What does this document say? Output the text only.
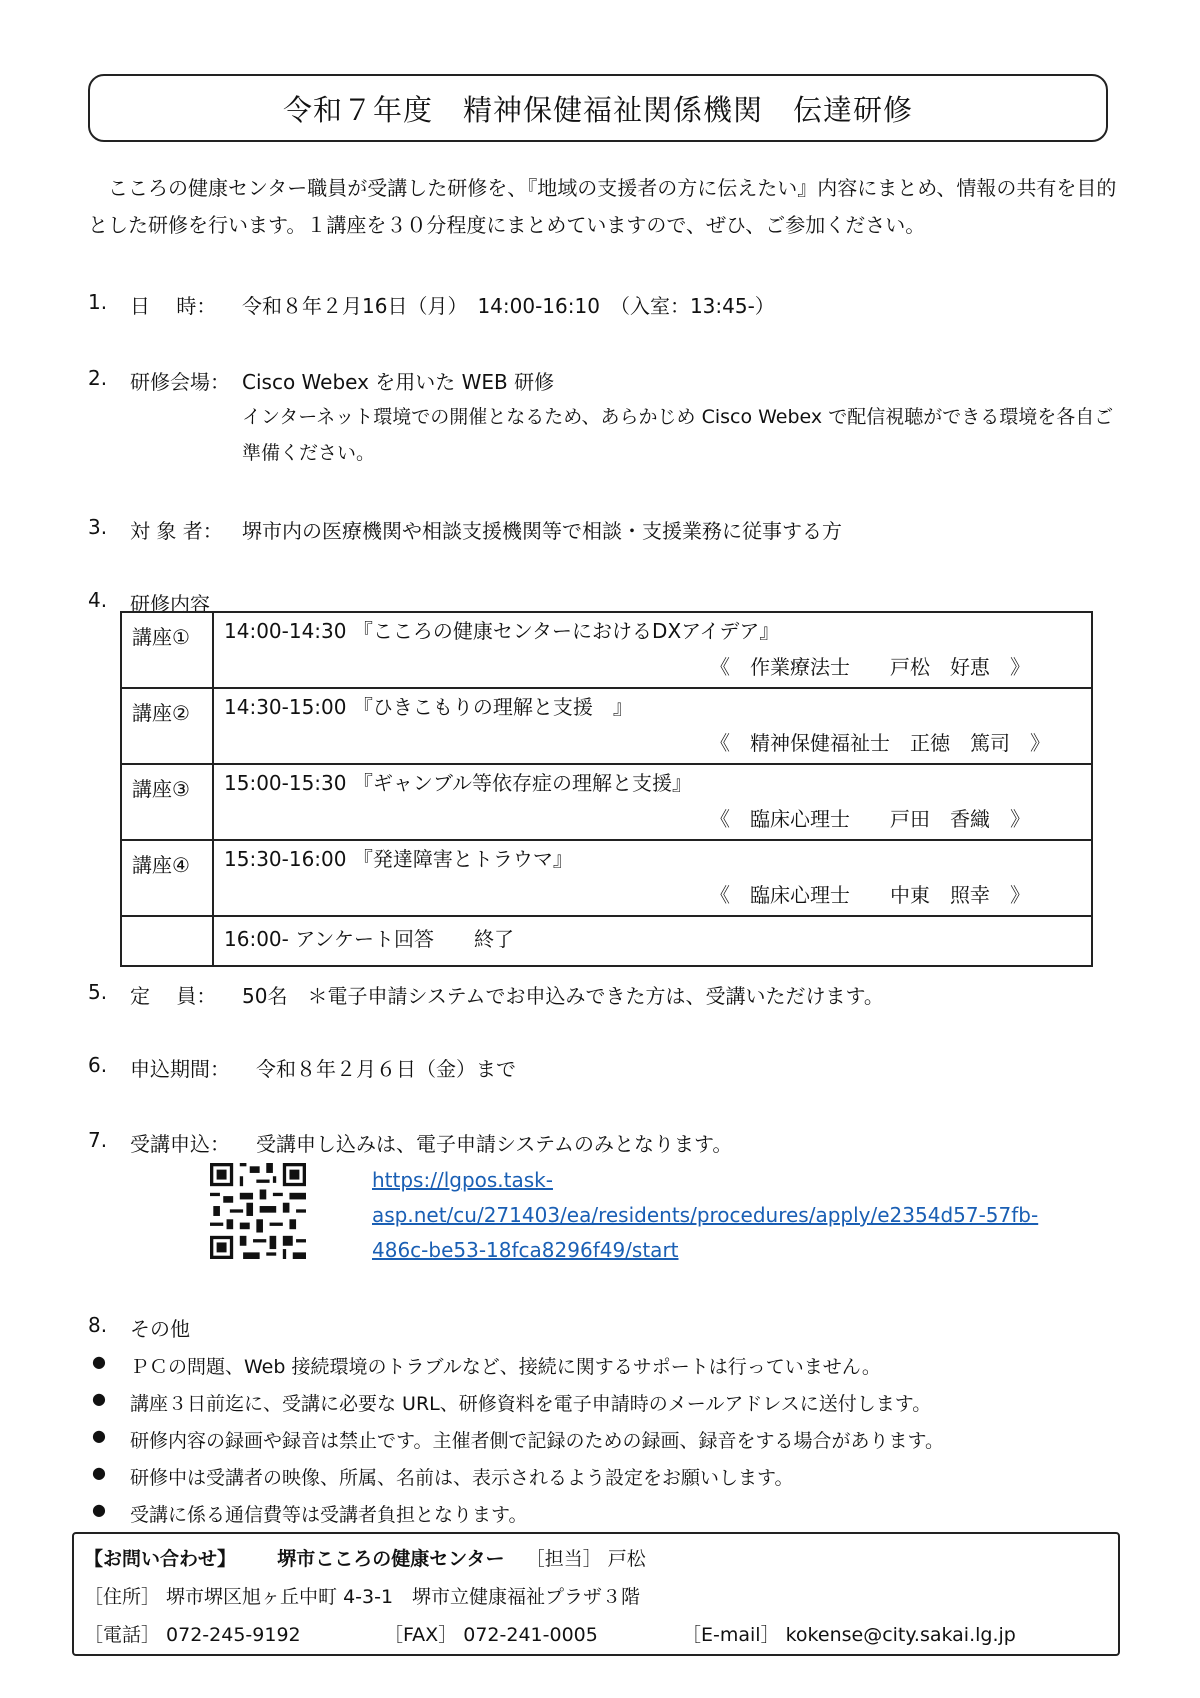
令和７年度　精神保健福祉関係機関　伝達研修
こころの健康センター職員が受講した研修を、『地域の支援者の方に伝えたい』内容にまとめ、情報の共有を目的とした研修を行います。１講座を３０分程度にまとめていますので、ぜひ、ご参加ください。
1. 日　 時： 令和８年２月16日（月）　14:00-16:10　（入室：13:45-）
2. 研修会場： Cisco Webex を用いた WEB 研修
インターネット環境での開催となるため、あらかじめ Cisco Webex で配信視聴ができる環境を各自ご
準備ください。
3. 対 象 者： 堺市内の医療機関や相談支援機関等で相談・支援業務に従事する方
4. 研修内容
講座①	14:00-14:30 『こころの健康センターにおけるDXアイデア』
《　作業療法士　　戸松　好恵　》

講座②	14:30-15:00 『ひきこもりの理解と支援　』
《　精神保健福祉士　正徳　篤司　》

講座③	15:00-15:30 『ギャンブル等依存症の理解と支援』
《　臨床心理士　　戸田　香織　》

講座④	15:30-16:00 『発達障害とトラウマ』
《　臨床心理士　　中東　照幸　》

	16:00- アンケート回答　　終了
5. 定　 員： 50名　＊電子申請システムでお申込みできた方は、受講いただけます。
6. 申込期間： 令和８年２月６日（金）まで
7. 受講申込： 受講申し込みは、電子申請システムのみとなります。
https://lgpos.task-
asp.net/cu/271403/ea/residents/procedures/apply/e2354d57-57fb-
486c-be53-18fca8296f49/start
8. その他
● ＰＣの問題、Web 接続環境のトラブルなど、接続に関するサポートは行っていません。
● 講座３日前迄に、受講に必要な URL、研修資料を電子申請時のメールアドレスに送付します。
● 研修内容の録画や録音は禁止です。主催者側で記録のための録画、録音をする場合があります。
● 研修中は受講者の映像、所属、名前は、表示されるよう設定をお願いします。
● 受講に係る通信費等は受講者負担となります。
【お問い合わせ】 堺市こころの健康センター ［担当］ 戸松
［住所］ 堺市堺区旭ヶ丘中町 4-3-1　堺市立健康福祉プラザ３階
［電話］ 072-245-9192	［FAX］ 072-241-0005	［E-mail］ kokense@city.sakai.lg.jp
